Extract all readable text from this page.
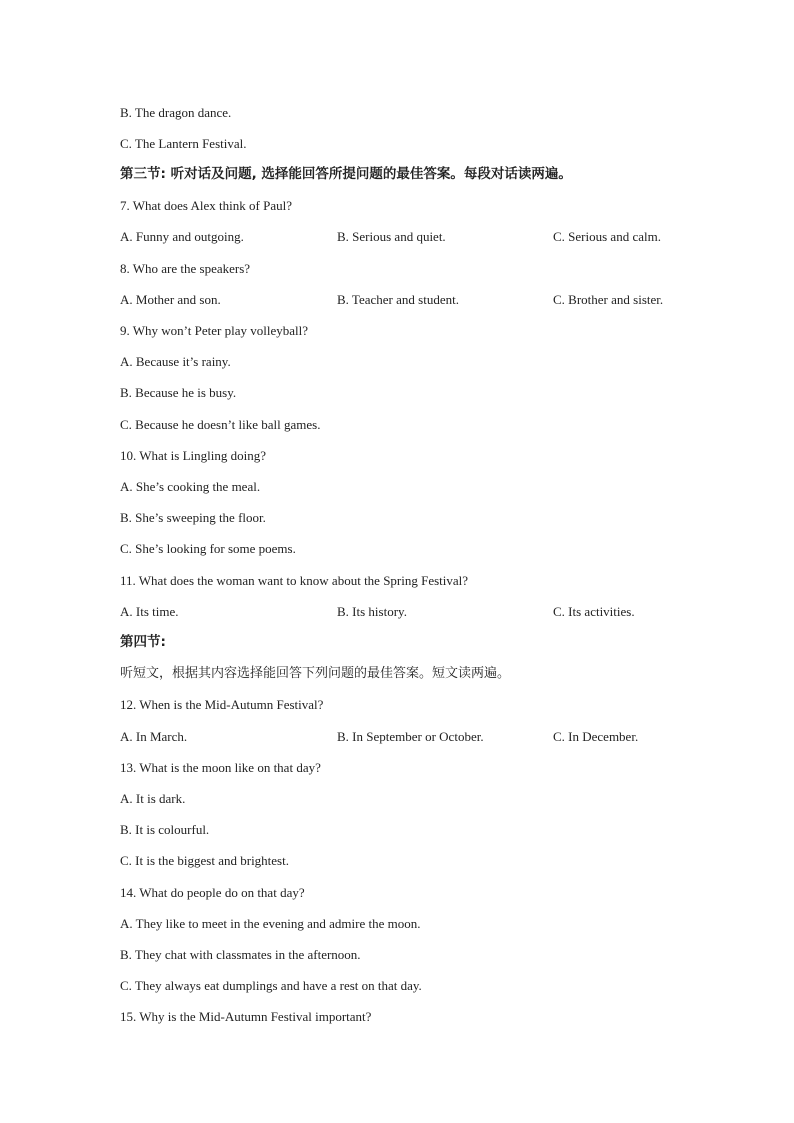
B. The dragon dance.
C. The Lantern Festival.
第三节: 听对话及问题, 选择能回答所提问题的最佳答案。每段对话读两遍。
7. What does Alex think of Paul?
A. Funny and outgoing.	B. Serious and quiet.	C. Serious and calm.
8. Who are the speakers?
A. Mother and son.	B. Teacher and student.	C. Brother and sister.
9. Why won’t Peter play volleyball?
A. Because it’s rainy.
B. Because he is busy.
C. Because he doesn’t like ball games.
10. What is Lingling doing?
A. She’s cooking the meal.
B. She’s sweeping the floor.
C. She’s looking for some poems.
11. What does the woman want to know about the Spring Festival?
A. Its time.	B. Its history.	C. Its activities.
第四节:
听短文，根据其内容选择能回答下列问题的最佳答案。短文读两遍。
12. When is the Mid-Autumn Festival?
A. In March.	B. In September or October.	C. In December.
13. What is the moon like on that day?
A. It is dark.
B. It is colourful.
C. It is the biggest and brightest.
14. What do people do on that day?
A. They like to meet in the evening and admire the moon.
B. They chat with classmates in the afternoon.
C. They always eat dumplings and have a rest on that day.
15. Why is the Mid-Autumn Festival important?
